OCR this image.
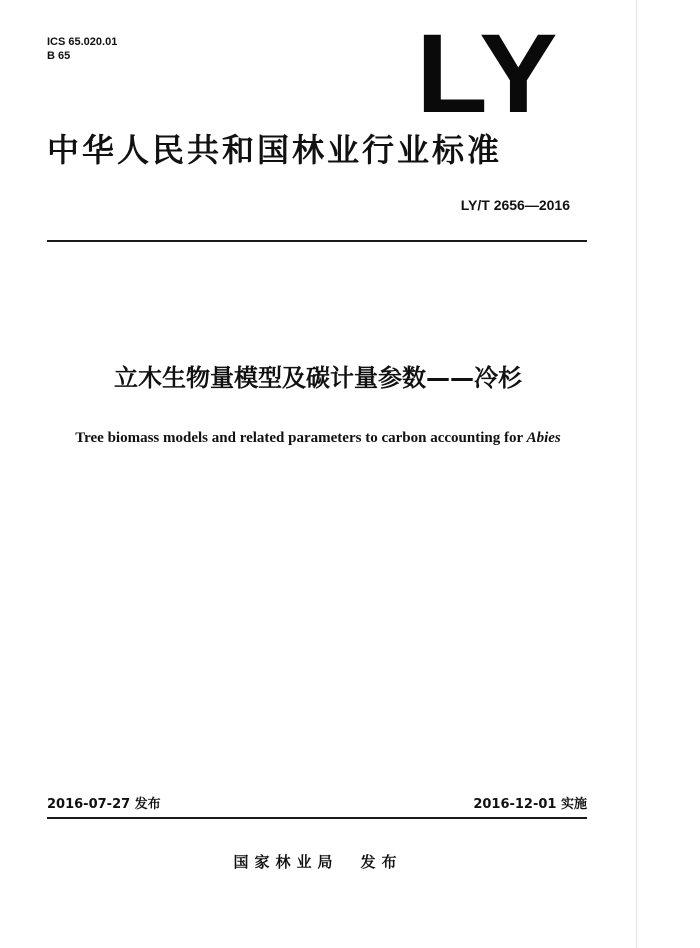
ICS 65.020.01
B 65	LY
中华人民共和国林业行业标准
LY/T 2656—2016
立木生物量模型及碳计量参数——冷杉
Tree biomass models and related parameters to carbon accounting for Abies
2016-07-27 发布	2016-12-01 实施
国家林业局 发布
